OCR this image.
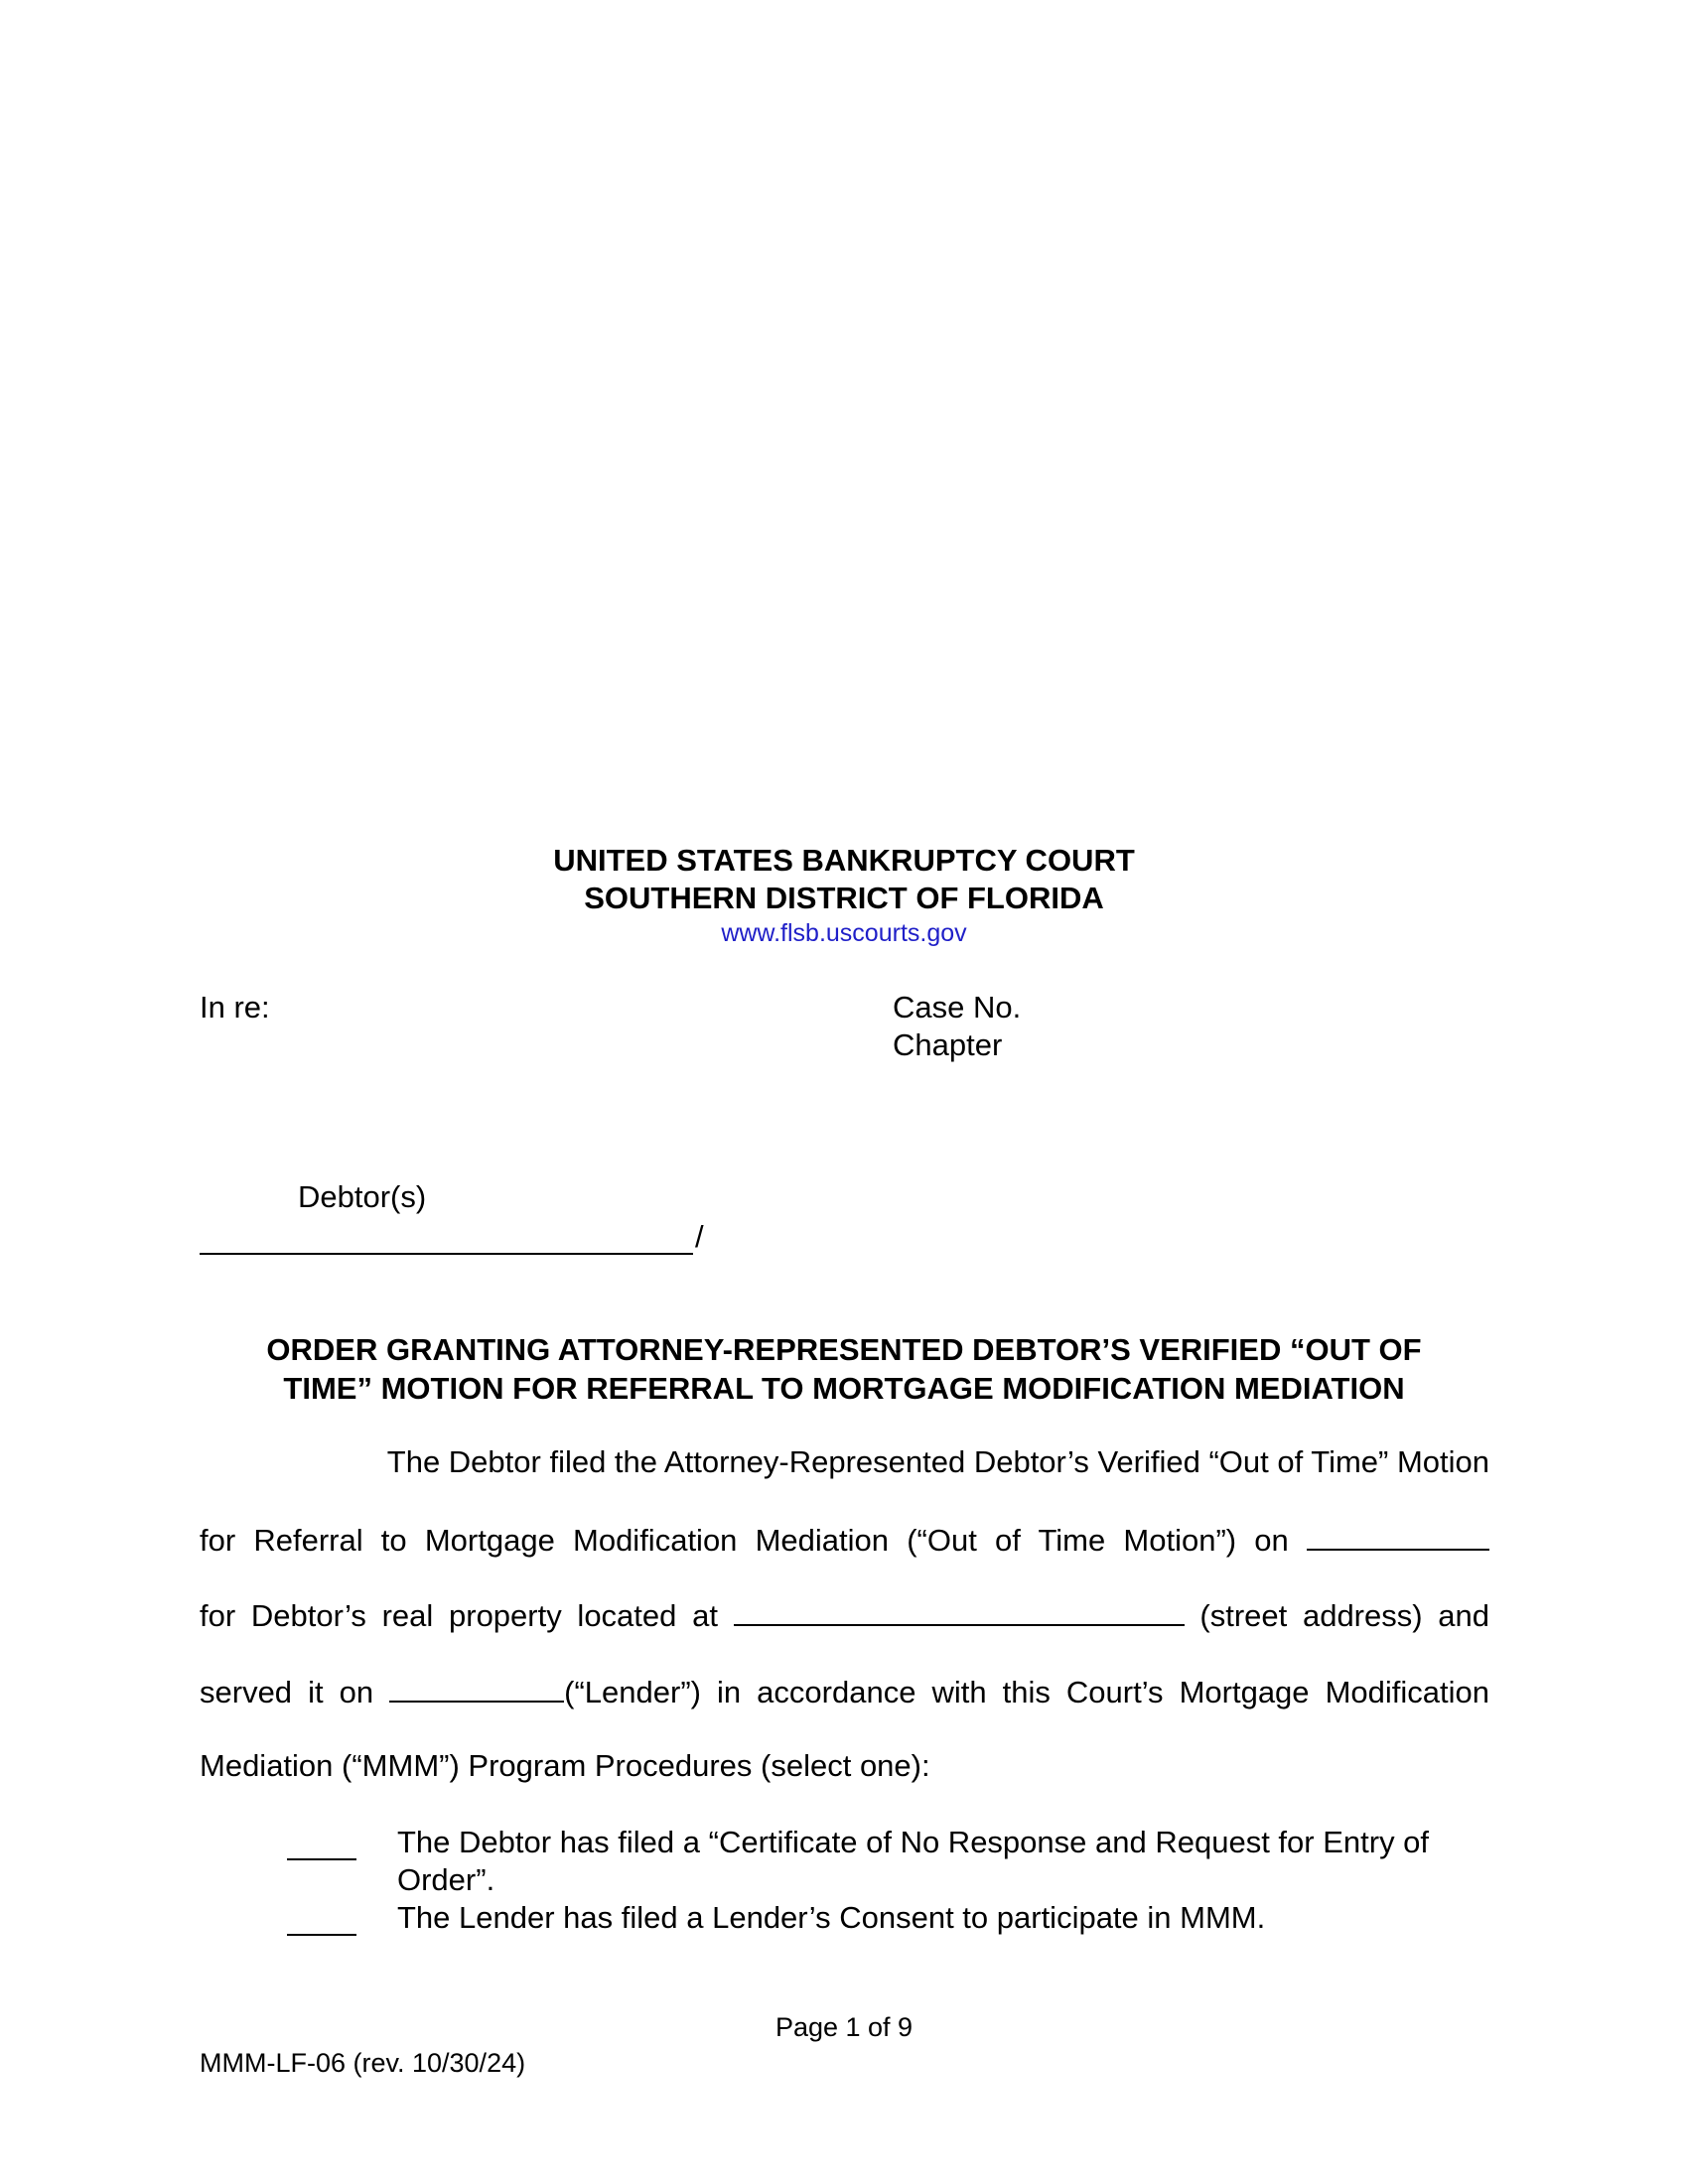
UNITED STATES BANKRUPTCY COURT
SOUTHERN DISTRICT OF FLORIDA
www.flsb.uscourts.gov
In re:	Case No.
Chapter
Debtor(s)
/
ORDER GRANTING ATTORNEY-REPRESENTED DEBTOR’S VERIFIED “OUT OF
TIME” MOTION FOR REFERRAL TO MORTGAGE MODIFICATION MEDIATION
The Debtor filed the Attorney-Represented Debtor’s Verified “Out of Time” Motion
for Referral to Mortgage Modification Mediation (“Out of Time Motion”) on
for Debtor’s real property located at	(street address) and
served it on	(“Lender”) in accordance with this Court’s Mortgage Modification
Mediation (“MMM”) Program Procedures (select one):
The Debtor has filed a “Certificate of No Response and Request for Entry of Order”.
The Lender has filed a Lender’s Consent to participate in MMM.
Page 1 of 9
MMM-LF-06 (rev. 10/30/24)
